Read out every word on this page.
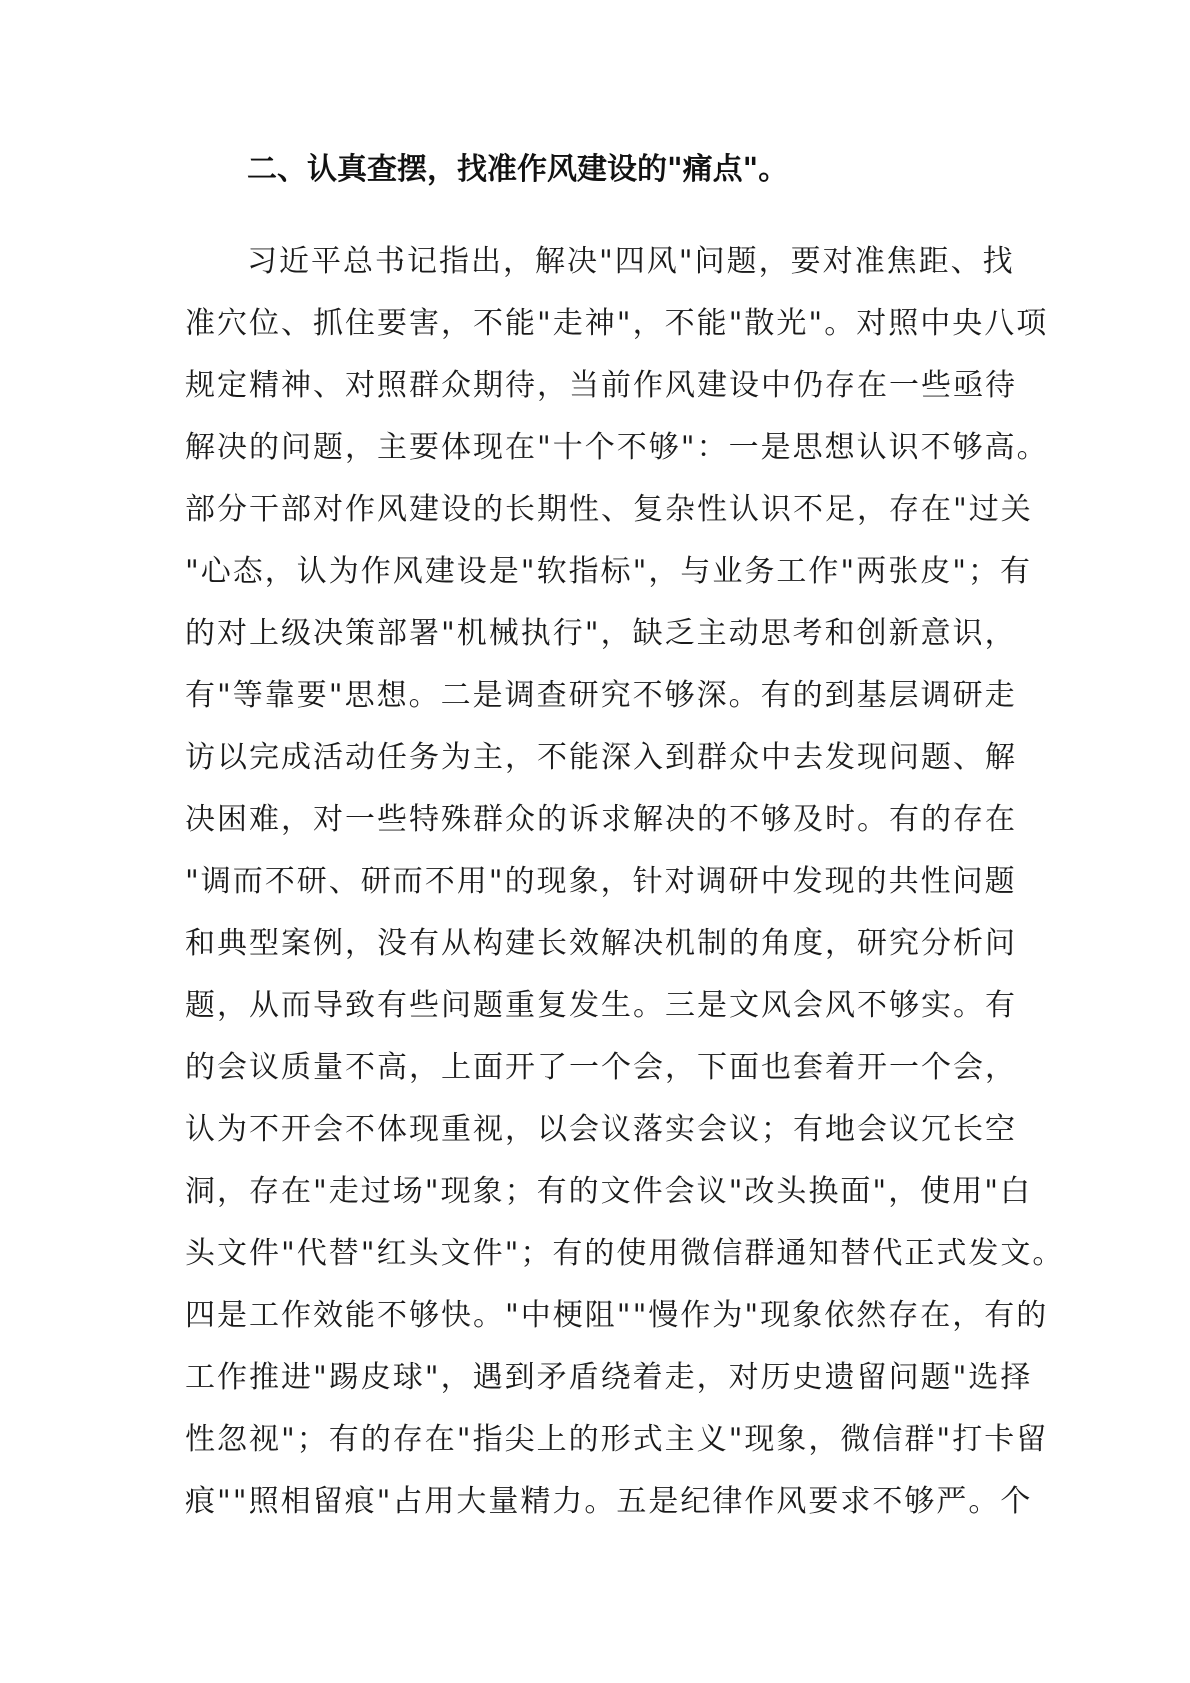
二、认真查摆，找准作风建设的"痛点"。
习近平总书记指出，解决"四风"问题，要对准焦距、找
准穴位、抓住要害，不能"走神"，不能"散光"。对照中央八项
规定精神、对照群众期待，当前作风建设中仍存在一些亟待
解决的问题，主要体现在"十个不够"：一是思想认识不够高。
部分干部对作风建设的长期性、复杂性认识不足，存在"过关
"心态，认为作风建设是"软指标"，与业务工作"两张皮"；有
的对上级决策部署"机械执行"，缺乏主动思考和创新意识，
有"等靠要"思想。二是调查研究不够深。有的到基层调研走
访以完成活动任务为主，不能深入到群众中去发现问题、解
决困难，对一些特殊群众的诉求解决的不够及时。有的存在
"调而不研、研而不用"的现象，针对调研中发现的共性问题
和典型案例，没有从构建长效解决机制的角度，研究分析问
题，从而导致有些问题重复发生。三是文风会风不够实。有
的会议质量不高，上面开了一个会，下面也套着开一个会，
认为不开会不体现重视，以会议落实会议；有地会议冗长空
洞，存在"走过场"现象；有的文件会议"改头换面"，使用"白
头文件"代替"红头文件"；有的使用微信群通知替代正式发文。
四是工作效能不够快。"中梗阻""慢作为"现象依然存在，有的
工作推进"踢皮球"，遇到矛盾绕着走，对历史遗留问题"选择
性忽视"；有的存在"指尖上的形式主义"现象，微信群"打卡留
痕""照相留痕"占用大量精力。五是纪律作风要求不够严。个
